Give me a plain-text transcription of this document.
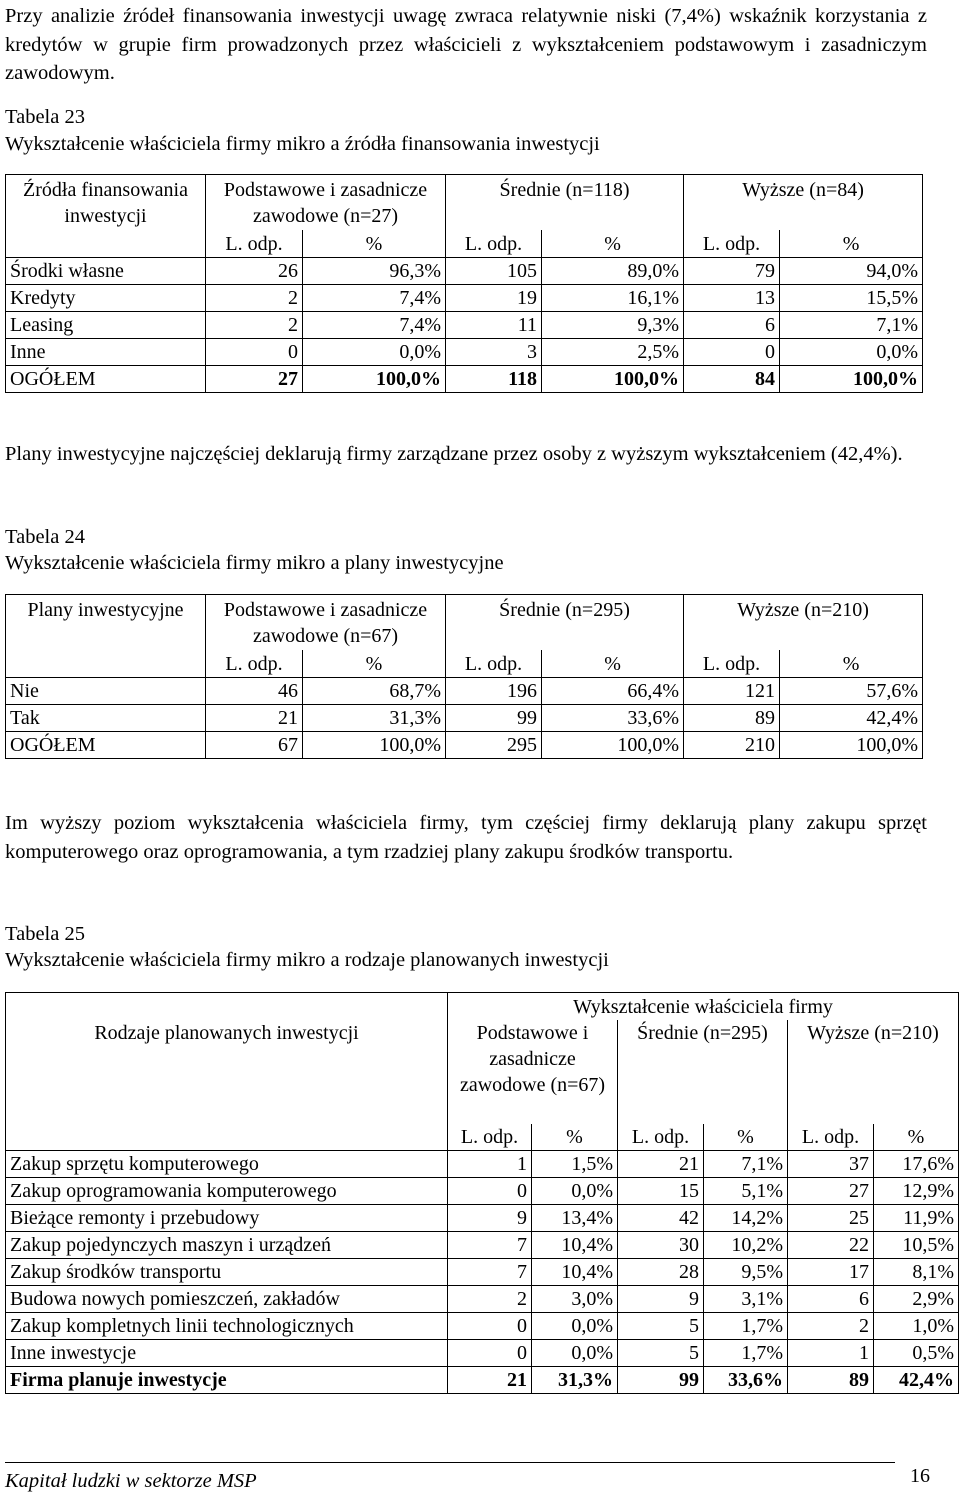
Przy analizie źródeł finansowania inwestycji uwagę zwraca relatywnie niski (7,4%) wskaźnik korzystania z kredytów w grupie firm prowadzonych przez właścicieli z wykształceniem podstawowym i zasadniczym zawodowym.
Tabela 23
Wykształcenie właściciela firmy mikro a źródła finansowania inwestycji
Źródła finansowania inwestycji	Podstawowe i zasadnicze zawodowe (n=27)		Średnie (n=118)		Wyższe (n=84)	
	L. odp.	%	L. odp.	%	L. odp.	%
Środki własne	26	96,3%	105	89,0%	79	94,0%
Kredyty	2	7,4%	19	16,1%	13	15,5%
Leasing	2	7,4%	11	9,3%	6	7,1%
Inne	0	0,0%	3	2,5%	0	0,0%
OGÓŁEM	27	100,0%	118	100,0%	84	100,0%
Plany inwestycyjne najczęściej deklarują firmy zarządzane przez osoby z wyższym wykształceniem (42,4%).
Tabela 24
Wykształcenie właściciela firmy mikro a plany inwestycyjne
Plany inwestycyjne	Podstawowe i zasadnicze zawodowe (n=67)		Średnie (n=295)		Wyższe (n=210)	
	L. odp.	%	L. odp.	%	L. odp.	%
Nie	46	68,7%	196	66,4%	121	57,6%
Tak	21	31,3%	99	33,6%	89	42,4%
OGÓŁEM	67	100,0%	295	100,0%	210	100,0%
Im wyższy poziom wykształcenia właściciela firmy, tym częściej firmy deklarują plany zakupu sprzęt komputerowego oraz oprogramowania, a tym rzadziej plany zakupu środków transportu.
Tabela 25
Wykształcenie właściciela firmy mikro a rodzaje planowanych inwestycji
Rodzaje planowanych inwestycji	Wykształcenie właściciela firmy					
	Podstawowe i zasadnicze zawodowe (n=67)		Średnie (n=295)		Wyższe (n=210)	
	L. odp.	%	L. odp.	%	L. odp.	%
Zakup sprzętu komputerowego	1	1,5%	21	7,1%	37	17,6%
Zakup oprogramowania komputerowego	0	0,0%	15	5,1%	27	12,9%
Bieżące remonty i przebudowy	9	13,4%	42	14,2%	25	11,9%
Zakup pojedynczych maszyn i urządzeń	7	10,4%	30	10,2%	22	10,5%
Zakup środków transportu	7	10,4%	28	9,5%	17	8,1%
Budowa nowych pomieszczeń, zakładów	2	3,0%	9	3,1%	6	2,9%
Zakup kompletnych linii technologicznych	0	0,0%	5	1,7%	2	1,0%
Inne inwestycje	0	0,0%	5	1,7%	1	0,5%
Firma planuje inwestycje	21	31,3%	99	33,6%	89	42,4%
Kapitał ludzki w sektorze MSP	16
